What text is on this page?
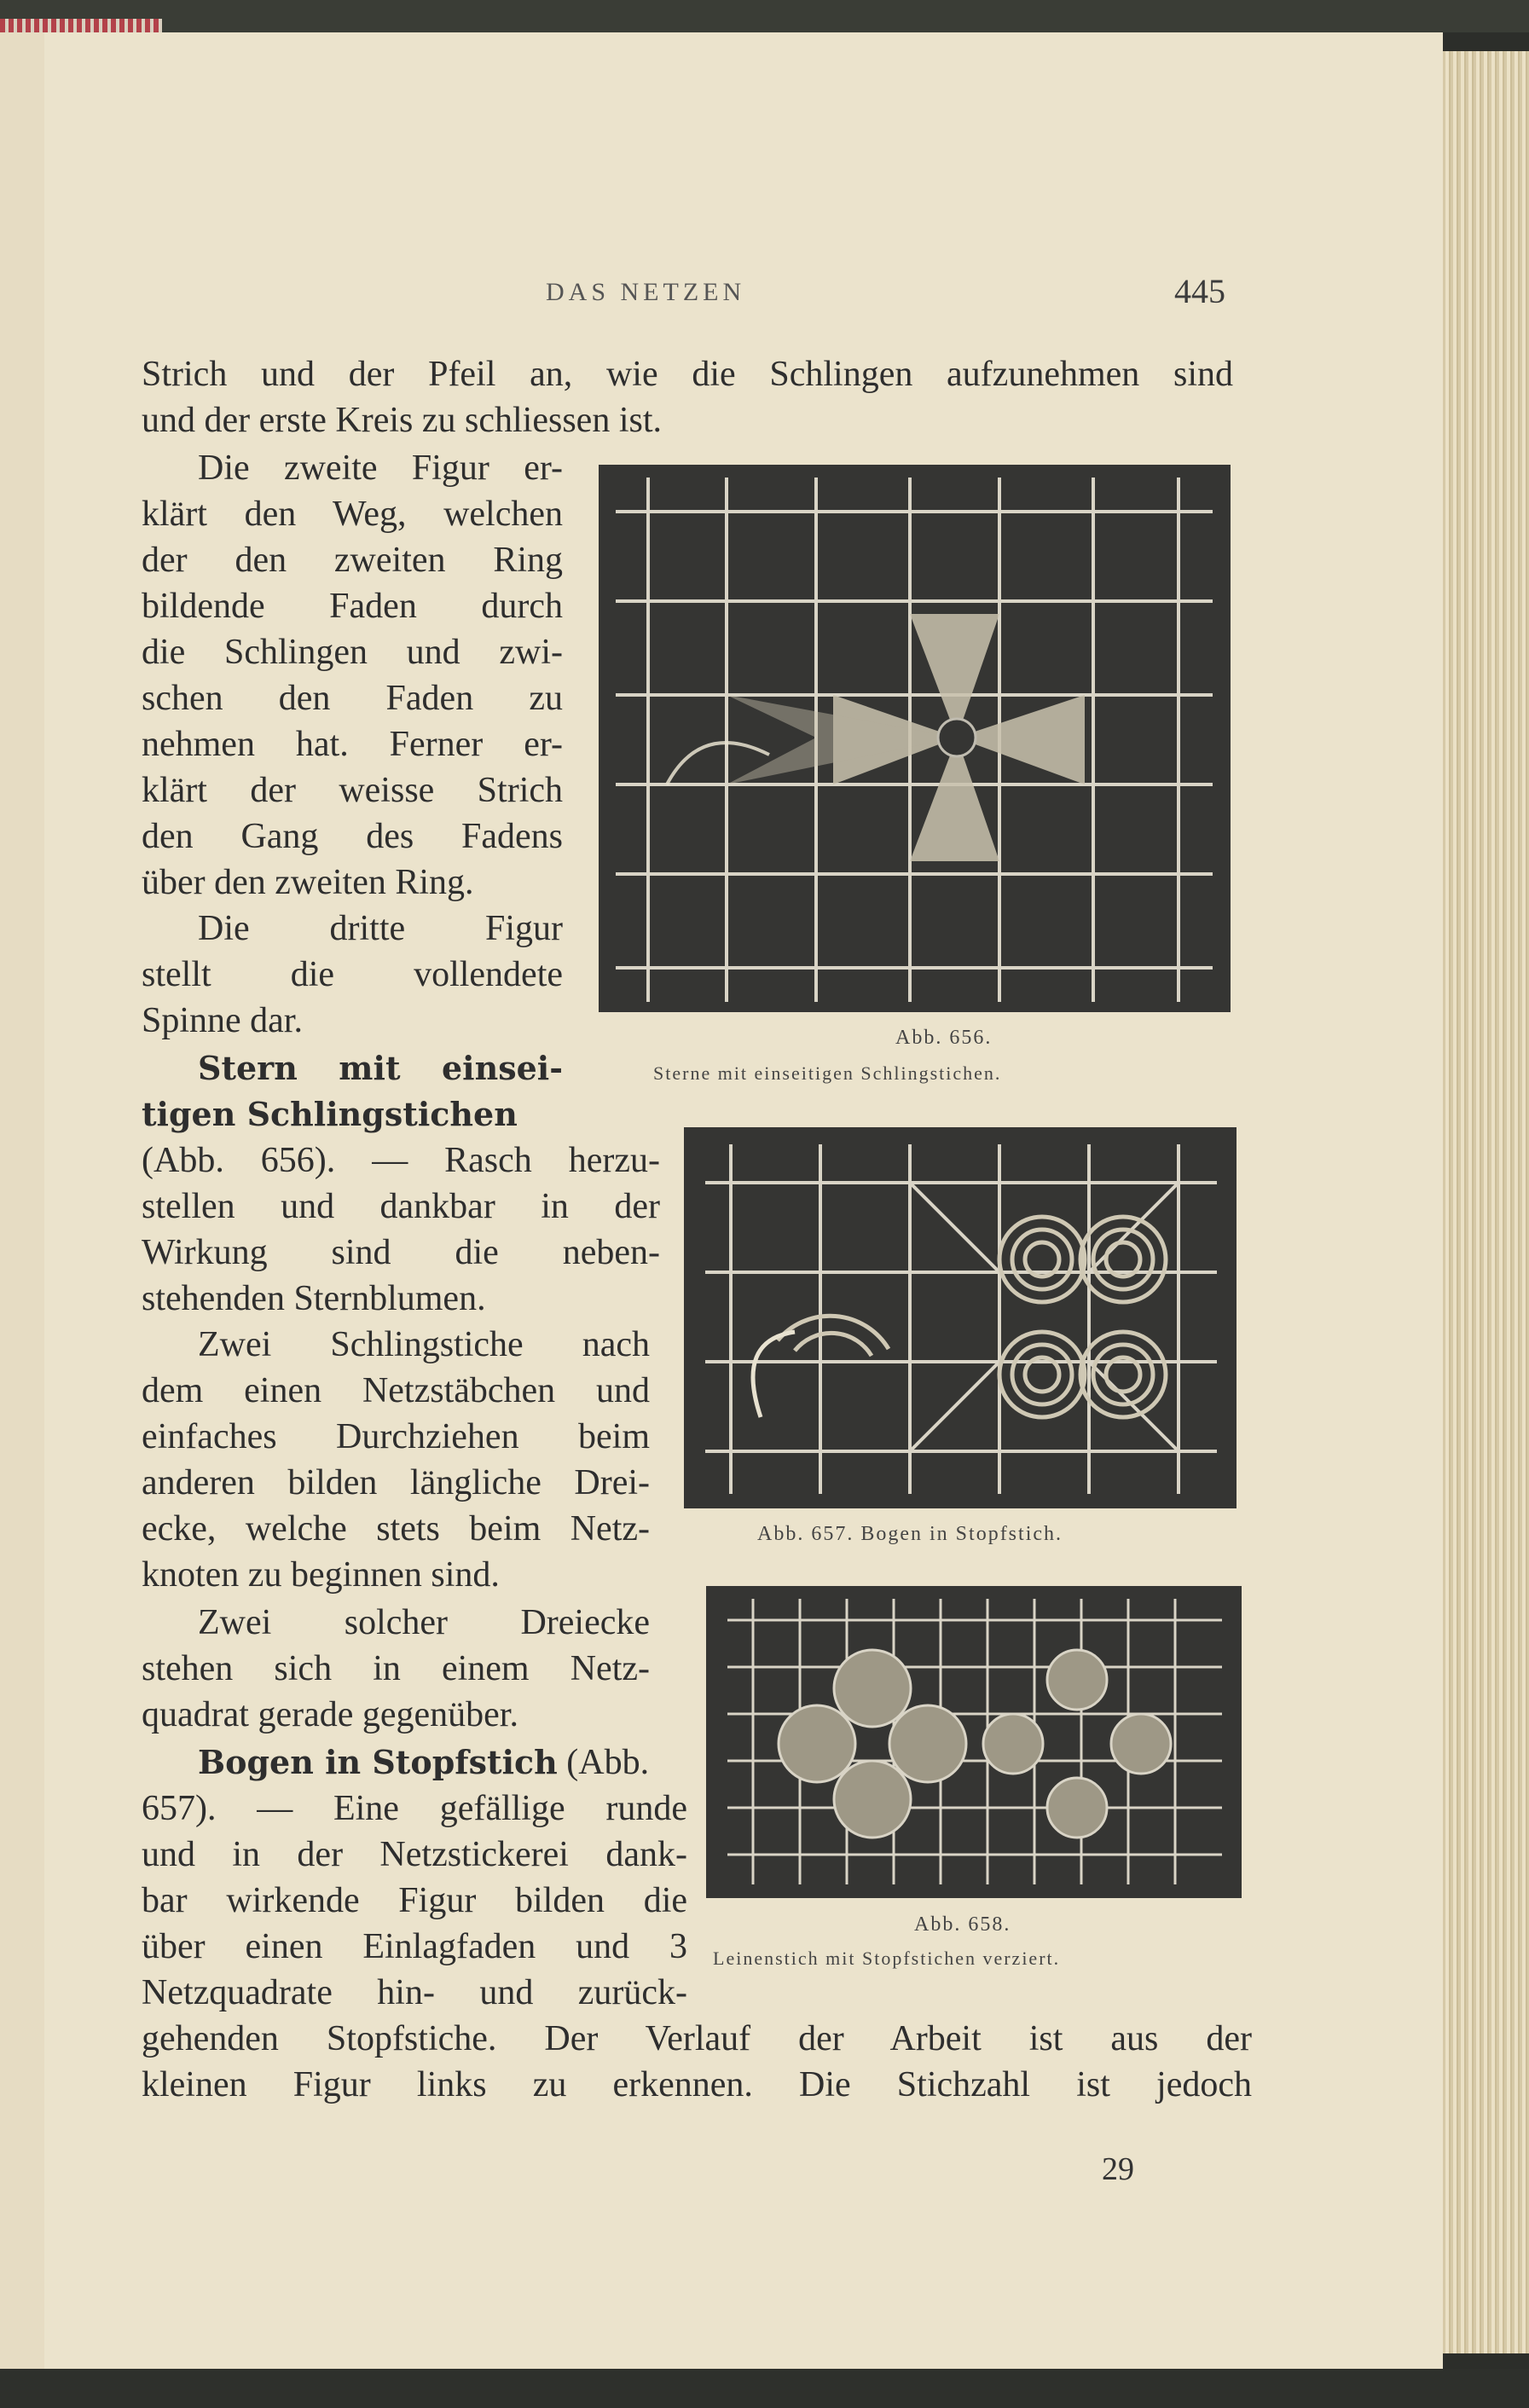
DAS NETZEN	445
Strich und der Pfeil an, wie die Schlingen aufzunehmen sind
und der erste Kreis zu schliessen ist.
Die zweite Figur er-
klärt den Weg, welchen
der den zweiten Ring
bildende Faden durch
die Schlingen und zwi-
schen den Faden zu
nehmen hat. Ferner er-
klärt der weisse Strich
den Gang des Fadens
über den zweiten Ring.
Die dritte Figur
stellt die vollendete
Spinne dar.
Stern mit einsei-
tigen Schlingstichen
(Abb. 656). — Rasch herzu-
stellen und dankbar in der
Wirkung sind die neben-
stehenden Sternblumen.
Zwei Schlingstiche nach
dem einen Netzstäbchen und
einfaches Durchziehen beim
anderen bilden längliche Drei-
ecke, welche stets beim Netz-
knoten zu beginnen sind.
Zwei solcher Dreiecke
stehen sich in einem Netz-
quadrat gerade gegenüber.
Bogen in Stopfstich (Abb.
657). — Eine gefällige runde
und in der Netzstickerei dank-
bar wirkende Figur bilden die
über einen Einlagfaden und 3
Netzquadrate hin- und zurück-
gehenden Stopfstiche. Der Verlauf der Arbeit ist aus der
kleinen Figur links zu erkennen. Die Stichzahl ist jedoch
Abb. 656.
Sterne mit einseitigen Schlingstichen.
Abb. 657. Bogen in Stopfstich.
Abb. 658.
Leinenstich mit Stopfstichen verziert.
29
